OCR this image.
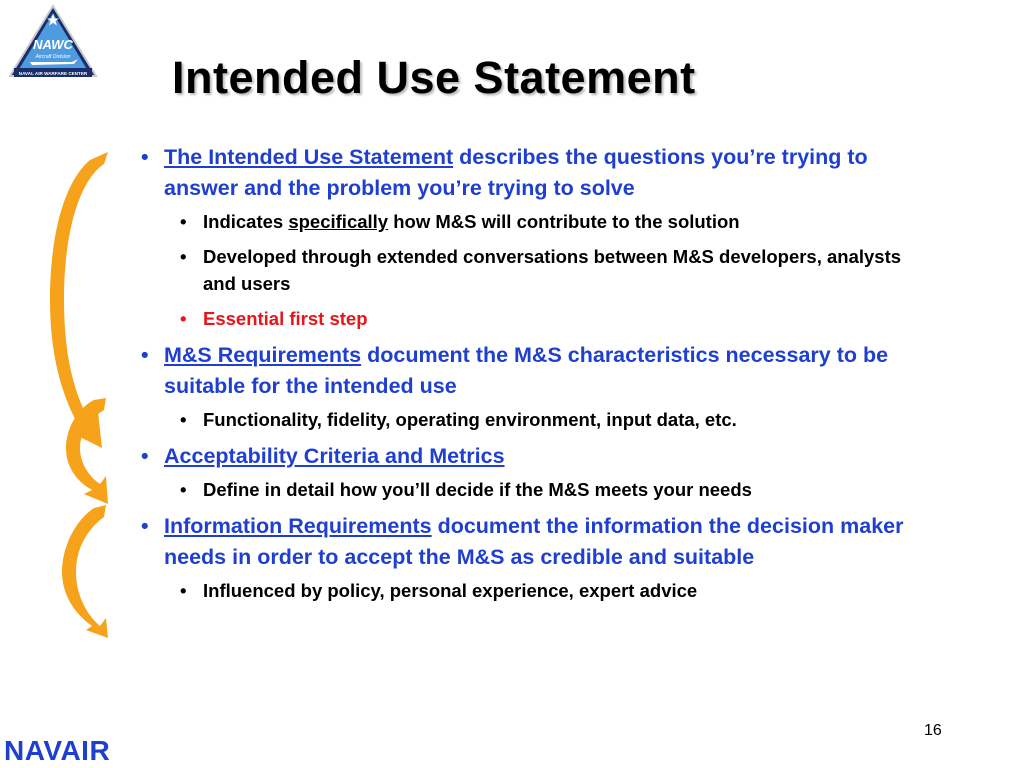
NAWC
Aircraft Division
NAVAL AIR WARFARE CENTER Intended Use Statement
• The Intended Use Statement describes the questions you’re trying to answer and the problem you’re trying to solve
• Indicates specifically how M&S will contribute to the solution
• Developed through extended conversations between M&S developers, analysts and users
• Essential first step
• M&S Requirements document the M&S characteristics necessary to be suitable for the intended use
• Functionality, fidelity, operating environment, input data, etc.
• Acceptability Criteria and Metrics
• Define in detail how you’ll decide if the M&S meets your needs
• Information Requirements document the information the decision maker needs in order to accept the M&S as credible and suitable
• Influenced by policy, personal experience, expert advice
16
NAVAIR
